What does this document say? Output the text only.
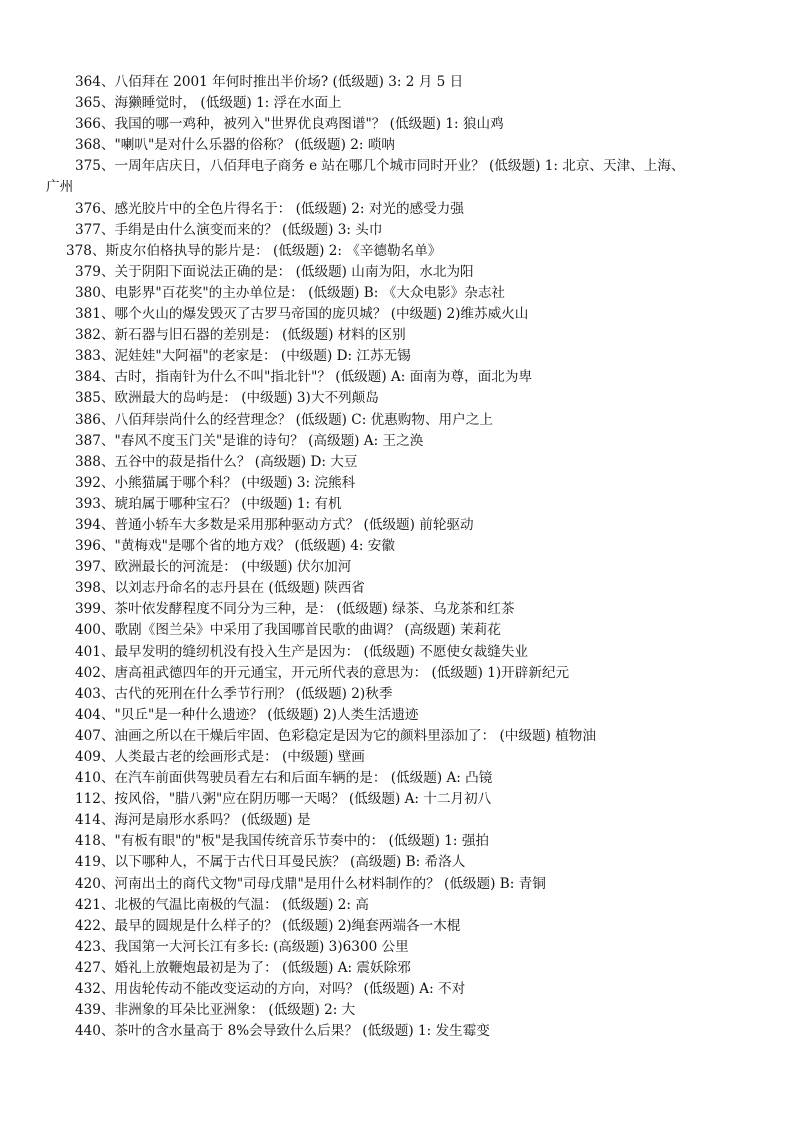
364、八佰拜在 2001 年何时推出半价场? (低级题) 3: 2 月 5 日
365、海獭睡觉时， (低级题) 1: 浮在水面上
366、我国的哪一鸡种，被列入"世界优良鸡图谱"？ (低级题) 1: 狼山鸡
368、"喇叭"是对什么乐器的俗称？ (低级题) 2: 唢呐
375、一周年店庆日，八佰拜电子商务 e 站在哪几个城市同时开业？ (低级题) 1: 北京、天津、上海、
广州
376、感光胶片中的全色片得名于： (低级题) 2: 对光的感受力强
377、手绢是由什么演变而来的？ (低级题) 3: 头巾
378、斯皮尔伯格执导的影片是： (低级题) 2: 《辛德勒名单》
379、关于阴阳下面说法正确的是： (低级题) 山南为阳，水北为阳
380、电影界"百花奖"的主办单位是： (低级题) B: 《大众电影》杂志社
381、哪个火山的爆发毁灭了古罗马帝国的庞贝城？ (中级题) 2)维苏威火山
382、新石器与旧石器的差别是： (低级题) 材料的区别
383、泥娃娃"大阿福"的老家是： (中级题) D: 江苏无锡
384、古时，指南针为什么不叫"指北针"？ (低级题) A: 面南为尊，面北为卑
385、欧洲最大的岛屿是： (中级题) 3)大不列颠岛
386、八佰拜崇尚什么的经营理念？ (低级题) C: 优惠购物、用户之上
387、"春风不度玉门关"是谁的诗句？ (高级题) A: 王之涣
388、五谷中的菽是指什么？ (高级题) D: 大豆
392、小熊猫属于哪个科？ (中级题) 3: 浣熊科
393、琥珀属于哪种宝石？ (中级题) 1: 有机
394、普通小轿车大多数是采用那种驱动方式？ (低级题) 前轮驱动
396、"黄梅戏"是哪个省的地方戏？ (低级题) 4: 安徽
397、欧洲最长的河流是： (中级题) 伏尔加河
398、以刘志丹命名的志丹县在 (低级题) 陕西省
399、茶叶依发酵程度不同分为三种，是： (低级题) 绿茶、乌龙茶和红茶
400、歌剧《图兰朵》中采用了我国哪首民歌的曲调？ (高级题) 茉莉花
401、最早发明的缝纫机没有投入生产是因为： (低级题) 不愿使女裁缝失业
402、唐高祖武德四年的开元通宝，开元所代表的意思为： (低级题) 1)开辟新纪元
403、古代的死刑在什么季节行刑？ (低级题) 2)秋季
404、"贝丘"是一种什么遗迹？ (低级题) 2)人类生活遗迹
407、油画之所以在干燥后牢固、色彩稳定是因为它的颜料里添加了： (中级题) 植物油
409、人类最古老的绘画形式是： (中级题) 壁画
410、在汽车前面供驾驶员看左右和后面车辆的是： (低级题) A: 凸镜
112、按风俗，"腊八粥"应在阴历哪一天喝？ (低级题) A: 十二月初八
414、海河是扇形水系吗？ (低级题) 是
418、"有板有眼"的"板"是我国传统音乐节奏中的： (低级题) 1: 强拍
419、以下哪种人，不属于古代日耳曼民族？ (高级题) B: 希洛人
420、河南出土的商代文物"司母戊鼎"是用什么材料制作的？ (低级题) B: 青铜
421、北极的气温比南极的气温： (低级题) 2: 高
422、最早的圆规是什么样子的？ (低级题) 2)绳套两端各一木棍
423、我国第一大河长江有多长: (高级题) 3)6300 公里
427、婚礼上放鞭炮最初是为了： (低级题) A: 震妖除邪
432、用齿轮传动不能改变运动的方向，对吗？ (低级题) A: 不对
439、非洲象的耳朵比亚洲象： (低级题) 2: 大
440、茶叶的含水量高于 8%会导致什么后果？ (低级题) 1: 发生霉变
